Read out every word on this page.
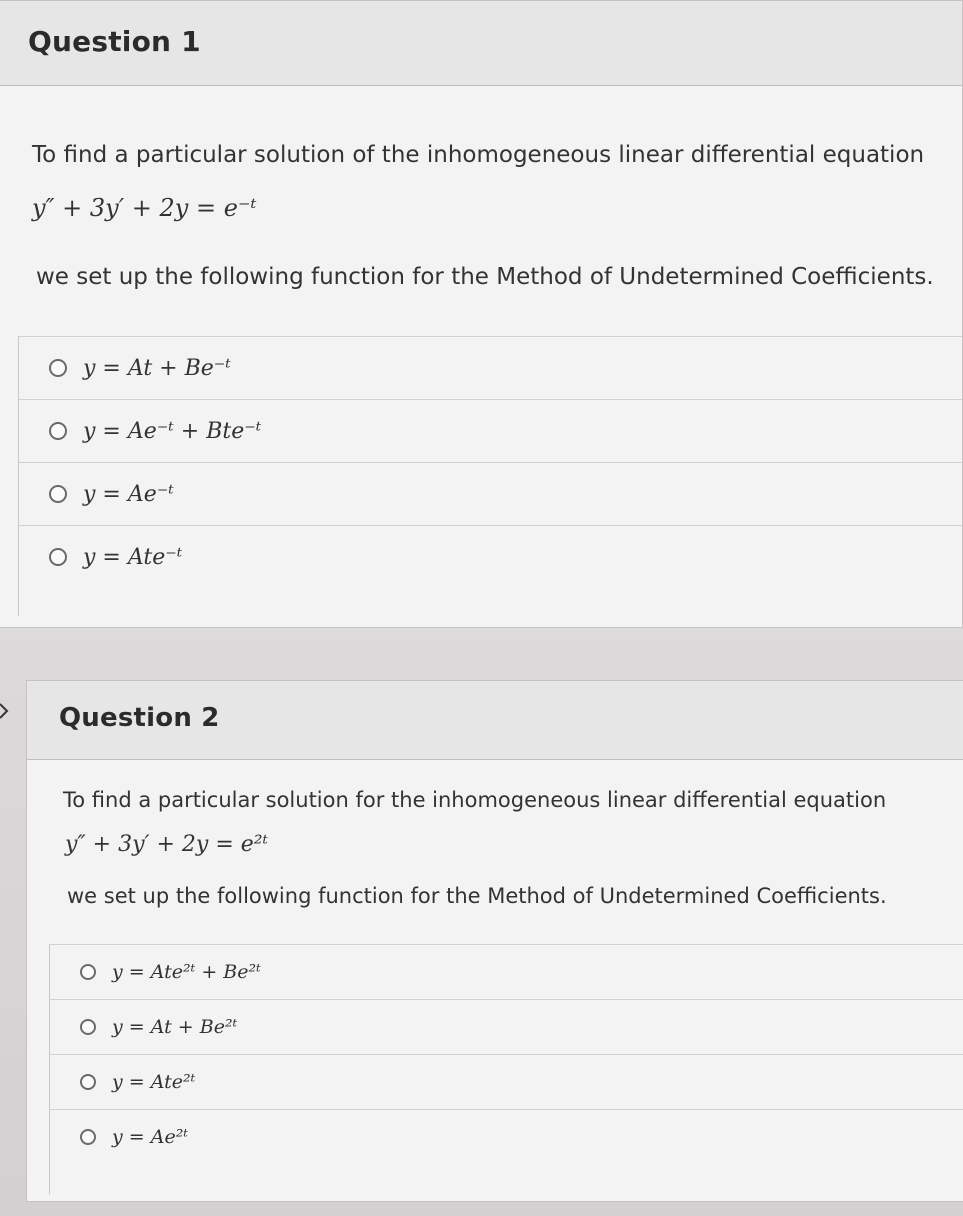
Question 1
To find a particular solution of the inhomogeneous linear differential equation
y″ + 3y′ + 2y = e⁻ᵗ
we set up the following function for the Method of Undetermined Coefficients.
y = At + Be⁻ᵗ
y = Ae⁻ᵗ + Bte⁻ᵗ
y = Ae⁻ᵗ
y = Ate⁻ᵗ
Question 2
To find a particular solution for the inhomogeneous linear differential equation
y″ + 3y′ + 2y = e²ᵗ
we set up the following function for the Method of Undetermined Coefficients.
y = Ate²ᵗ + Be²ᵗ
y = At + Be²ᵗ
y = Ate²ᵗ
y = Ae²ᵗ
